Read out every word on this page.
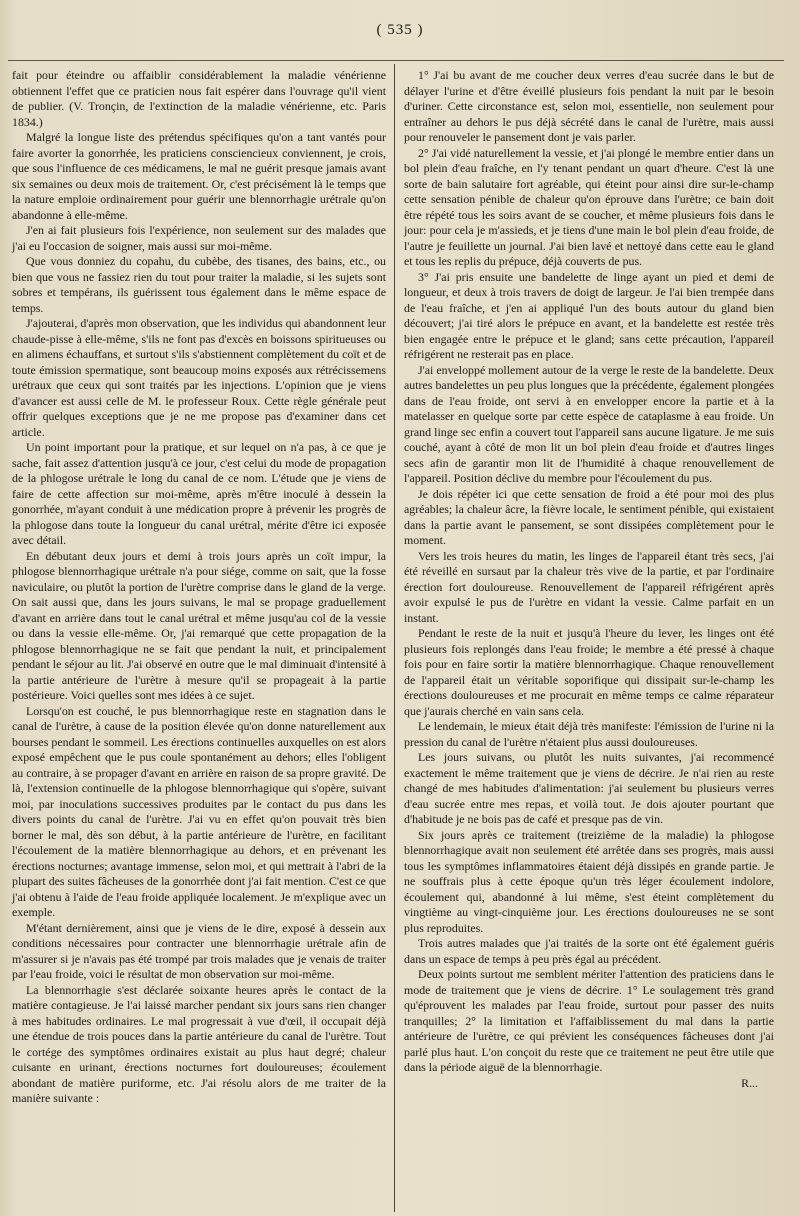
( 535 )

fait pour éteindre ou affaiblir considérablement la maladie vénérienne obtiennent l'effet que ce praticien nous fait espérer dans l'ouvrage qu'il vient de publier. (V. Tronçin, de l'extinction de la maladie vénérienne, etc. Paris 1834.)

Malgré la longue liste des prétendus spécifiques qu'on a tant vantés pour faire avorter la gonorrhée, les praticiens consciencieux conviennent, je crois, que sous l'influence de ces médicamens, le mal ne guérit presque jamais avant six semaines ou deux mois de traitement. Or, c'est précisément là le temps que la nature emploie ordinairement pour guérir une blennorrhagie urétrale qu'on abandonne à elle-même.

J'en ai fait plusieurs fois l'expérience, non seulement sur des malades que j'ai eu l'occasion de soigner, mais aussi sur moi-même.

Que vous donniez du copahu, du cubèbe, des tisanes, des bains, etc., ou bien que vous ne fassiez rien du tout pour traiter la maladie, si les sujets sont sobres et tempérans, ils guérissent tous également dans le même espace de temps.

J'ajouterai, d'après mon observation, que les individus qui abandonnent leur chaude-pisse à elle-même, s'ils ne font pas d'excès en boissons spiritueuses ou en alimens échauffans, et surtout s'ils s'abstiennent complètement du coït et de toute émission spermatique, sont beaucoup moins exposés aux rétrécissemens urétraux que ceux qui sont traités par les injections. L'opinion que je viens d'avancer est aussi celle de M. le professeur Roux. Cette règle générale peut offrir quelques exceptions que je ne me propose pas d'examiner dans cet article.

Un point important pour la pratique, et sur lequel on n'a pas, à ce que je sache, fait assez d'attention jusqu'à ce jour, c'est celui du mode de propagation de la phlogose urétrale le long du canal de ce nom. L'étude que je viens de faire de cette affection sur moi-même, après m'être inoculé à dessein la gonorrhée, m'ayant conduit à une médication propre à prévenir les progrès de la phlogose dans toute la longueur du canal urétral, mérite d'être ici exposée avec détail.

En débutant deux jours et demi à trois jours après un coït impur, la phlogose blennorrhagique urétrale n'a pour siége, comme on sait, que la fosse naviculaire, ou plutôt la portion de l'urètre comprise dans le gland de la verge. On sait aussi que, dans les jours suivans, le mal se propage graduellement d'avant en arrière dans tout le canal urétral et même jusqu'au col de la vessie ou dans la vessie elle-même. Or, j'ai remarqué que cette propagation de la phlogose blennorrhagique ne se fait que pendant la nuit, et principalement pendant le séjour au lit. J'ai observé en outre que le mal diminuait d'intensité à la partie antérieure de l'urètre à mesure qu'il se propageait à la partie postérieure. Voici quelles sont mes idées à ce sujet.

Lorsqu'on est couché, le pus blennorrhagique reste en stagnation dans le canal de l'urètre, à cause de la position élevée qu'on donne naturellement aux bourses pendant le sommeil. Les érections continuelles auxquelles on est alors exposé empêchent que le pus coule spontanément au dehors; elles l'obligent au contraire, à se propager d'avant en arrière en raison de sa propre gravité. De là, l'extension continuelle de la phlogose blennorrhagique qui s'opère, suivant moi, par inoculations successives produites par le contact du pus dans les divers points du canal de l'urètre. J'ai vu en effet qu'on pouvait très bien borner le mal, dès son début, à la partie antérieure de l'urètre, en facilitant l'écoulement de la matière blennorrhagique au dehors, et en prévenant les érections nocturnes; avantage immense, selon moi, et qui mettrait à l'abri de la plupart des suites fâcheuses de la gonorrhée dont j'ai fait mention. C'est ce que j'ai obtenu à l'aide de l'eau froide appliquée localement. Je m'explique avec un exemple.

M'étant dernièrement, ainsi que je viens de le dire, exposé à dessein aux conditions nécessaires pour contracter une blennorrhagie urétrale afin de m'assurer si je n'avais pas été trompé par trois malades que je venais de traiter par l'eau froide, voici le résultat de mon observation sur moi-même.

La blennorrhagie s'est déclarée soixante heures après le contact de la matière contagieuse. Je l'ai laissé marcher pendant six jours sans rien changer à mes habitudes ordinaires. Le mal progressait à vue d'œil, il occupait déjà une étendue de trois pouces dans la partie antérieure du canal de l'urètre. Tout le cortége des symptômes ordinaires existait au plus haut degré; chaleur cuisante en urinant, érections nocturnes fort douloureuses; écoulement abondant de matière puriforme, etc. J'ai résolu alors de me traiter de la manière suivante :

1° J'ai bu avant de me coucher deux verres d'eau sucrée dans le but de délayer l'urine et d'être éveillé plusieurs fois pendant la nuit par le besoin d'uriner. Cette circonstance est, selon moi, essentielle, non seulement pour entraîner au dehors le pus déjà sécrété dans le canal de l'urètre, mais aussi pour renouveler le pansement dont je vais parler.

2° J'ai vidé naturellement la vessie, et j'ai plongé le membre entier dans un bol plein d'eau fraîche, en l'y tenant pendant un quart d'heure. C'est là une sorte de bain salutaire fort agréable, qui éteint pour ainsi dire sur-le-champ cette sensation pénible de chaleur qu'on éprouve dans l'urètre; ce bain doit être répété tous les soirs avant de se coucher, et même plusieurs fois dans le jour: pour cela je m'assieds, et je tiens d'une main le bol plein d'eau froide, de l'autre je feuillette un journal. J'ai bien lavé et nettoyé dans cette eau le gland et tous les replis du prépuce, déjà couverts de pus.

3° J'ai pris ensuite une bandelette de linge ayant un pied et demi de longueur, et deux à trois travers de doigt de largeur. Je l'ai bien trempée dans de l'eau fraîche, et j'en ai appliqué l'un des bouts autour du gland bien découvert; j'ai tiré alors le prépuce en avant, et la bandelette est restée très bien engagée entre le prépuce et le gland; sans cette précaution, l'appareil réfrigérent ne resterait pas en place.

J'ai enveloppé mollement autour de la verge le reste de la bandelette. Deux autres bandelettes un peu plus longues que la précédente, également plongées dans de l'eau froide, ont servi à en envelopper encore la partie et à la matelasser en quelque sorte par cette espèce de cataplasme à eau froide. Un grand linge sec enfin a couvert tout l'appareil sans aucune ligature. Je me suis couché, ayant à côté de mon lit un bol plein d'eau froide et d'autres linges secs afin de garantir mon lit de l'humidité à chaque renouvellement de l'appareil. Position déclive du membre pour l'écoulement du pus.

Je dois répéter ici que cette sensation de froid a été pour moi des plus agréables; la chaleur âcre, la fièvre locale, le sentiment pénible, qui existaient dans la partie avant le pansement, se sont dissipées complètement pour le moment.

Vers les trois heures du matin, les linges de l'appareil étant très secs, j'ai été réveillé en sursaut par la chaleur très vive de la partie, et par l'ordinaire érection fort douloureuse. Renouvellement de l'appareil réfrigérent après avoir expulsé le pus de l'urètre en vidant la vessie. Calme parfait en un instant.

Pendant le reste de la nuit et jusqu'à l'heure du lever, les linges ont été plusieurs fois replongés dans l'eau froide; le membre a été pressé à chaque fois pour en faire sortir la matière blennorrhagique. Chaque renouvellement de l'appareil était un véritable soporifique qui dissipait sur-le-champ les érections douloureuses et me procurait en même temps ce calme réparateur que j'aurais cherché en vain sans cela.

Le lendemain, le mieux était déjà très manifeste: l'émission de l'urine ni la pression du canal de l'urètre n'étaient plus aussi douloureuses.

Les jours suivans, ou plutôt les nuits suivantes, j'ai recommencé exactement le même traitement que je viens de décrire. Je n'ai rien au reste changé de mes habitudes d'alimentation: j'ai seulement bu plusieurs verres d'eau sucrée entre mes repas, et voilà tout. Je dois ajouter pourtant que d'habitude je ne bois pas de café et presque pas de vin.

Six jours après ce traitement (treizième de la maladie) la phlogose blennorrhagique avait non seulement été arrêtée dans ses progrès, mais aussi tous les symptômes inflammatoires étaient déjà dissipés en grande partie. Je ne souffrais plus à cette époque qu'un très léger écoulement indolore, écoulement qui, abandonné à lui même, s'est éteint complètement du vingtième au vingt-cinquième jour. Les érections douloureuses ne se sont plus reproduites.

Trois autres malades que j'ai traités de la sorte ont été également guéris dans un espace de temps à peu près égal au précédent.

Deux points surtout me semblent mériter l'attention des praticiens dans le mode de traitement que je viens de décrire. 1° Le soulagement très grand qu'éprouvent les malades par l'eau froide, surtout pour passer des nuits tranquilles; 2° la limitation et l'affaiblissement du mal dans la partie antérieure de l'urètre, ce qui prévient les conséquences fâcheuses dont j'ai parlé plus haut. L'on conçoit du reste que ce traitement ne peut être utile que dans la période aiguë de la blennorrhagie.

R...
